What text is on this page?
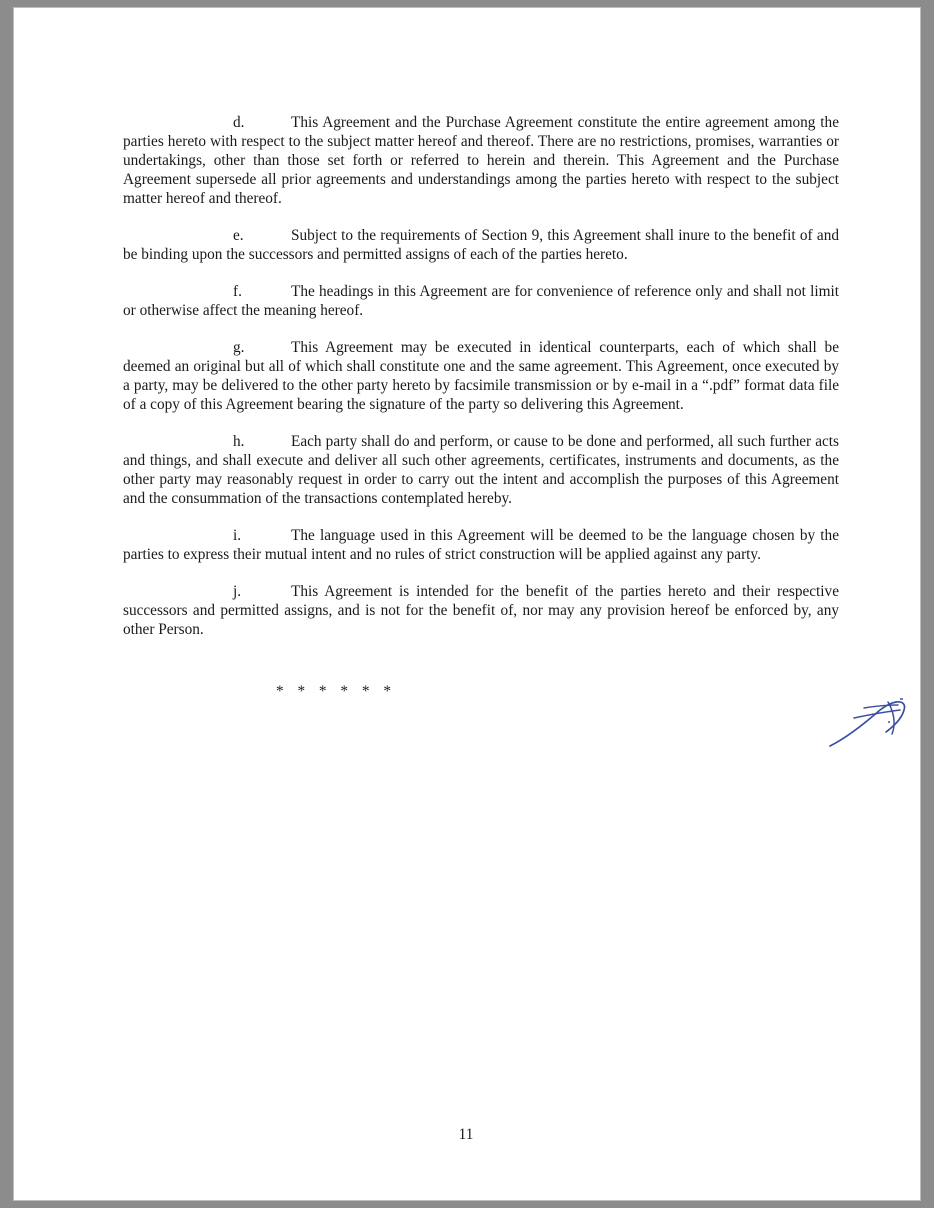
d.	This Agreement and the Purchase Agreement constitute the entire agreement among the parties hereto with respect to the subject matter hereof and thereof. There are no restrictions, promises, warranties or undertakings, other than those set forth or referred to herein and therein. This Agreement and the Purchase Agreement supersede all prior agreements and understandings among the parties hereto with respect to the subject matter hereof and thereof.

e.	Subject to the requirements of Section 9, this Agreement shall inure to the benefit of and be binding upon the successors and permitted assigns of each of the parties hereto.

f.	The headings in this Agreement are for convenience of reference only and shall not limit or otherwise affect the meaning hereof.

g.	This Agreement may be executed in identical counterparts, each of which shall be deemed an original but all of which shall constitute one and the same agreement. This Agreement, once executed by a party, may be delivered to the other party hereto by facsimile transmission or by e-mail in a “.pdf” format data file of a copy of this Agreement bearing the signature of the party so delivering this Agreement.

h.	Each party shall do and perform, or cause to be done and performed, all such further acts and things, and shall execute and deliver all such other agreements, certificates, instruments and documents, as the other party may reasonably request in order to carry out the intent and accomplish the purposes of this Agreement and the consummation of the transactions contemplated hereby.

i.	The language used in this Agreement will be deemed to be the language chosen by the parties to express their mutual intent and no rules of strict construction will be applied against any party.

j.	This Agreement is intended for the benefit of the parties hereto and their respective successors and permitted assigns, and is not for the benefit of, nor may any provision hereof be enforced by, any other Person.

* * * * * *
11
